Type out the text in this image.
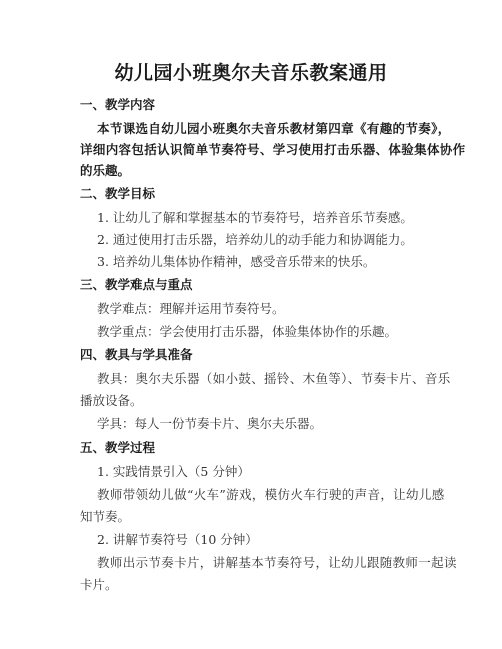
幼儿园小班奥尔夫音乐教案通用
一、教学内容
本节课选自幼儿园小班奥尔夫音乐教材第四章《有趣的节奏》，
详细内容包括认识简单节奏符号、学习使用打击乐器、体验集体协作
的乐趣。
二、教学目标
1. 让幼儿了解和掌握基本的节奏符号，培养音乐节奏感。
2. 通过使用打击乐器，培养幼儿的动手能力和协调能力。
3. 培养幼儿集体协作精神，感受音乐带来的快乐。
三、教学难点与重点
教学难点：理解并运用节奏符号。
教学重点：学会使用打击乐器，体验集体协作的乐趣。
四、教具与学具准备
教具：奥尔夫乐器（如小鼓、摇铃、木鱼等）、节奏卡片、音乐
播放设备。
学具：每人一份节奏卡片、奥尔夫乐器。
五、教学过程
1. 实践情景引入（5 分钟）
教师带领幼儿做“火车”游戏，模仿火车行驶的声音，让幼儿感
知节奏。
2. 讲解节奏符号（10 分钟）
教师出示节奏卡片，讲解基本节奏符号，让幼儿跟随教师一起读
卡片。
